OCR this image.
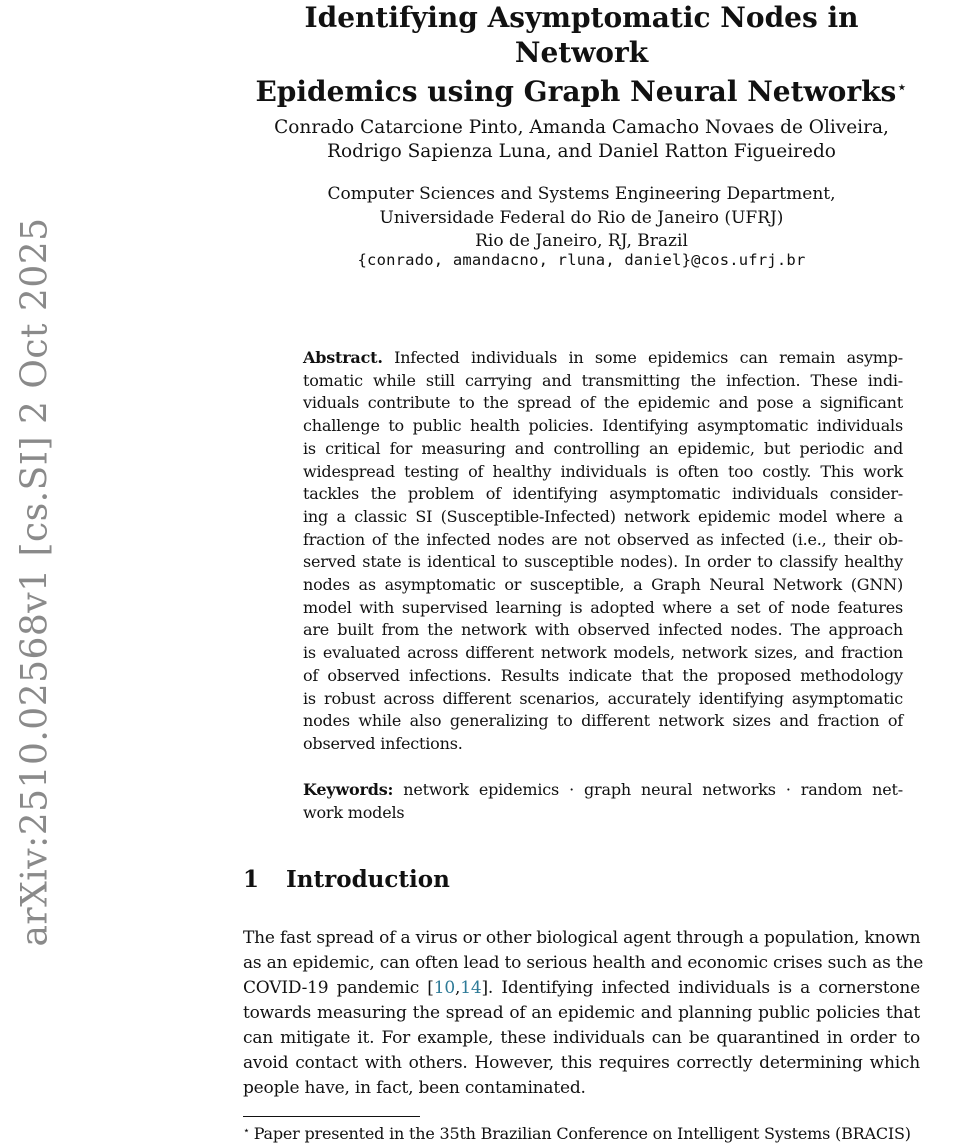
arXiv:2510.02568v1 [cs.SI] 2 Oct 2025
Identifying Asymptomatic Nodes in Network
Epidemics using Graph Neural Networks⋆
Conrado Catarcione Pinto, Amanda Camacho Novaes de Oliveira,
Rodrigo Sapienza Luna, and Daniel Ratton Figueiredo
Computer Sciences and Systems Engineering Department,
Universidade Federal do Rio de Janeiro (UFRJ)
Rio de Janeiro, RJ, Brazil
{conrado, amandacno, rluna, daniel}@cos.ufrj.br
Abstract. Infected individuals in some epidemics can remain asymp-
tomatic while still carrying and transmitting the infection. These indi-
viduals contribute to the spread of the epidemic and pose a significant
challenge to public health policies. Identifying asymptomatic individuals
is critical for measuring and controlling an epidemic, but periodic and
widespread testing of healthy individuals is often too costly. This work
tackles the problem of identifying asymptomatic individuals consider-
ing a classic SI (Susceptible-Infected) network epidemic model where a
fraction of the infected nodes are not observed as infected (i.e., their ob-
served state is identical to susceptible nodes). In order to classify healthy
nodes as asymptomatic or susceptible, a Graph Neural Network (GNN)
model with supervised learning is adopted where a set of node features
are built from the network with observed infected nodes. The approach
is evaluated across different network models, network sizes, and fraction
of observed infections. Results indicate that the proposed methodology
is robust across different scenarios, accurately identifying asymptomatic
nodes while also generalizing to different network sizes and fraction of
observed infections.
Keywords: network epidemics · graph neural networks · random net-
work models
1 Introduction
The fast spread of a virus or other biological agent through a population, known
as an epidemic, can often lead to serious health and economic crises such as the
COVID-19 pandemic [10,14]. Identifying infected individuals is a cornerstone
towards measuring the spread of an epidemic and planning public policies that
can mitigate it. For example, these individuals can be quarantined in order to
avoid contact with others. However, this requires correctly determining which
people have, in fact, been contaminated.
⋆ Paper presented in the 35th Brazilian Conference on Intelligent Systems (BRACIS)
